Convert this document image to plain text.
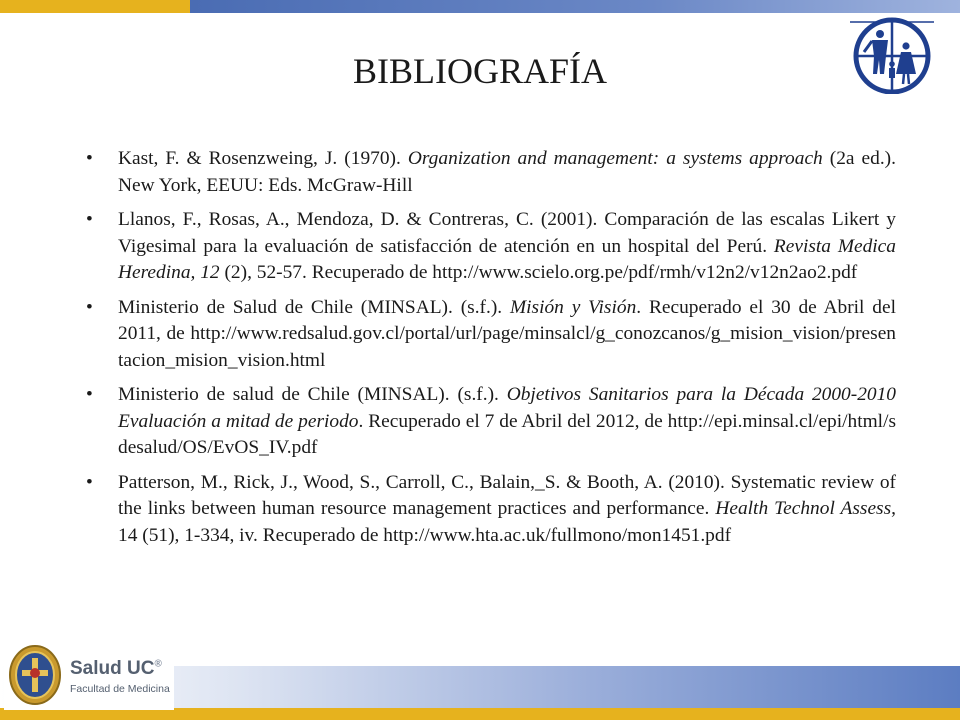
BIBLIOGRAFÍA
• Kast, F. & Rosenzweing, J. (1970). Organization and management: a systems approach (2a ed.). New York, EEUU: Eds. McGraw-Hill
• Llanos, F., Rosas, A., Mendoza, D. & Contreras, C. (2001). Comparación de las escalas Likert y Vigesimal para la evaluación de satisfacción de atención en un hospital del Perú. Revista Medica Heredina, 12 (2), 52-57. Recuperado de http://www.scielo.org.pe/pdf/rmh/v12n2/v12n2ao2.pdf
• Ministerio de Salud de Chile (MINSAL). (s.f.). Misión y Visión. Recuperado el 30 de Abril del 2011, de http://www.redsalud.gov.cl/portal/url/page/minsalcl/g_conozcanos/g_mision_vision/presentacion_mision_vision.html
• Ministerio de salud de Chile (MINSAL). (s.f.). Objetivos Sanitarios para la Década 2000-2010 Evaluación a mitad de periodo. Recuperado el 7 de Abril del 2012, de http://epi.minsal.cl/epi/html/sdesalud/OS/EvOS_IV.pdf
• Patterson, M., Rick, J., Wood, S., Carroll, C., Balain,_S. & Booth, A. (2010). Systematic review of the links between human resource management practices and performance. Health Technol Assess, 14 (51), 1-334, iv. Recuperado de http://www.hta.ac.uk/fullmono/mon1451.pdf
Salud UC®
Facultad de Medicina
